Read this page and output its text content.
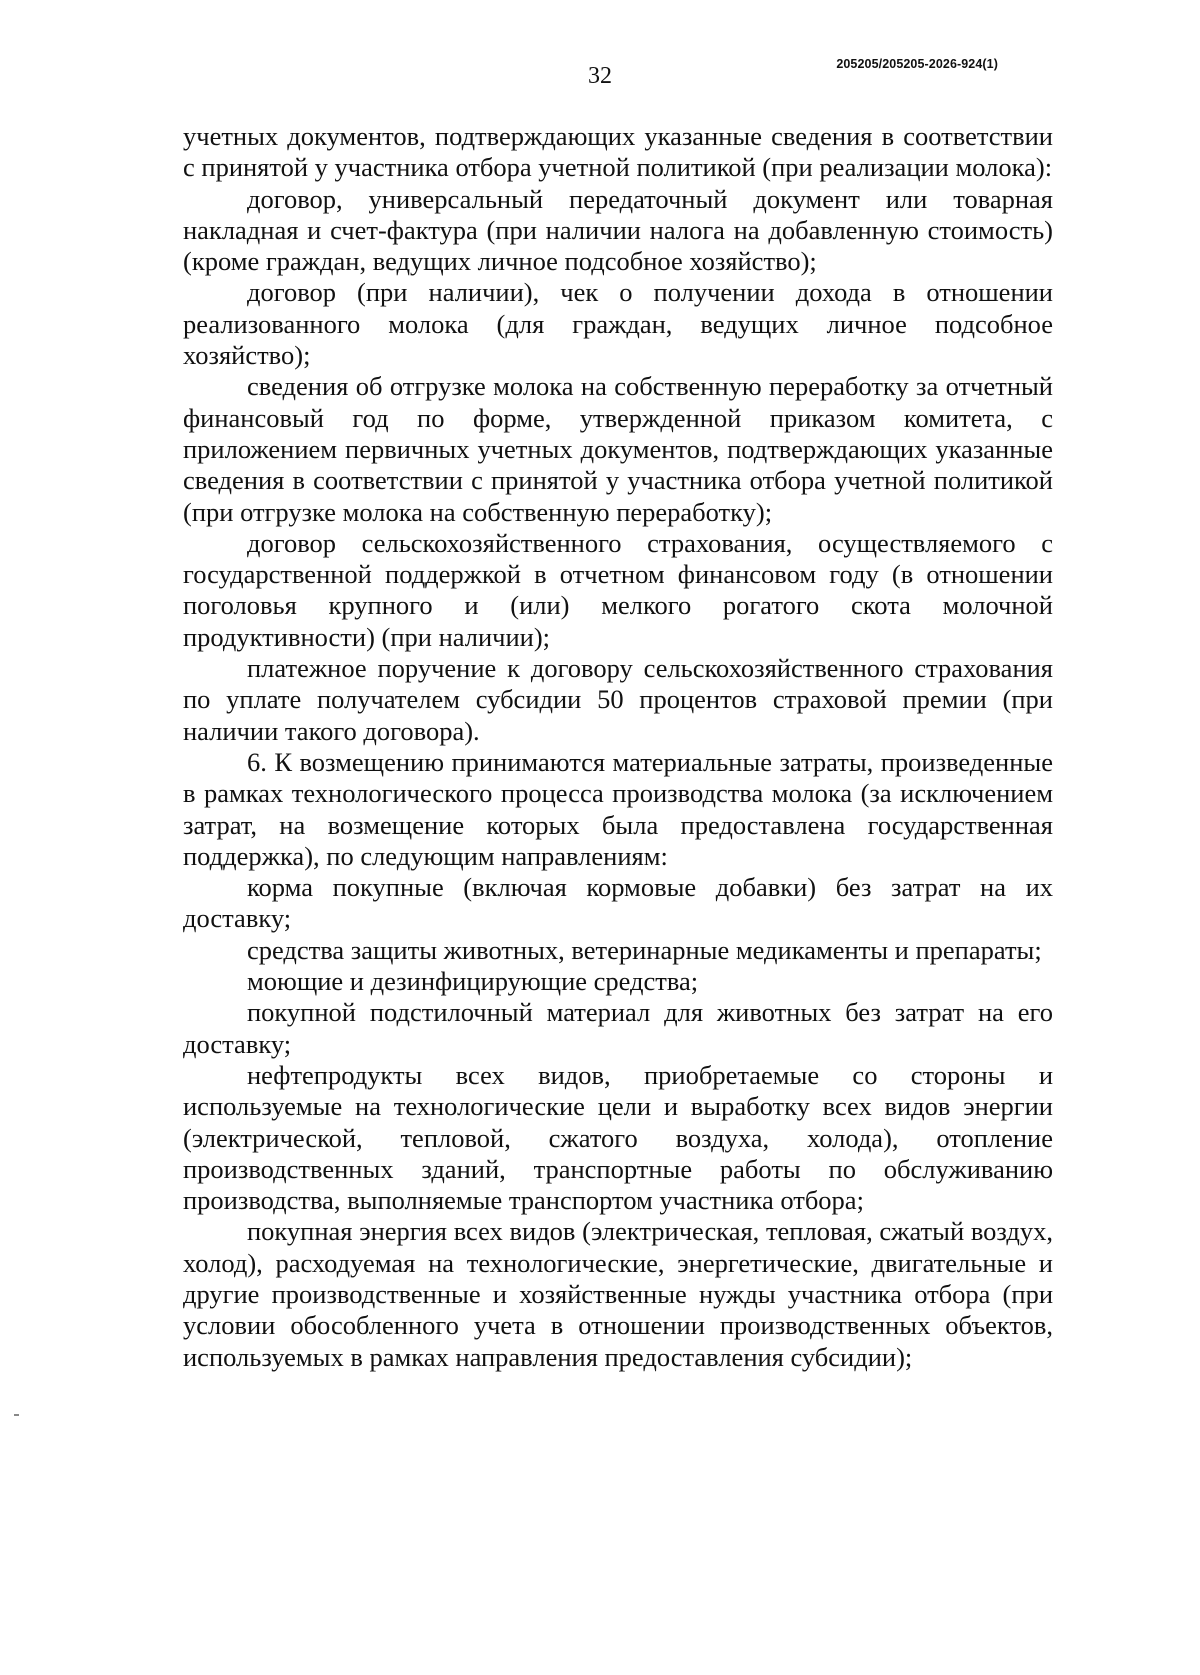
32	205205/205205-2026-924(1)

учетных документов, подтверждающих указанные сведения в соответствии с принятой у участника отбора учетной политикой (при реализации молока):

договор, универсальный передаточный документ или товарная накладная и счет-фактура (при наличии налога на добавленную стоимость) (кроме граждан, ведущих личное подсобное хозяйство);

договор (при наличии), чек о получении дохода в отношении реализованного молока (для граждан, ведущих личное подсобное хозяйство);

сведения об отгрузке молока на собственную переработку за отчетный финансовый год по форме, утвержденной приказом комитета, с приложением первичных учетных документов, подтверждающих указанные сведения в соответствии с принятой у участника отбора учетной политикой (при отгрузке молока на собственную переработку);

договор сельскохозяйственного страхования, осуществляемого с государственной поддержкой в отчетном финансовом году (в отношении поголовья крупного и (или) мелкого рогатого скота молочной продуктивности) (при наличии);

платежное поручение к договору сельскохозяйственного страхования по уплате получателем субсидии 50 процентов страховой премии (при наличии такого договора).

6. К возмещению принимаются материальные затраты, произведенные в рамках технологического процесса производства молока (за исключением затрат, на возмещение которых была предоставлена государственная поддержка), по следующим направлениям:

корма покупные (включая кормовые добавки) без затрат на их доставку;

средства защиты животных, ветеринарные медикаменты и препараты;

моющие и дезинфицирующие средства;

покупной подстилочный материал для животных без затрат на его доставку;

нефтепродукты всех видов, приобретаемые со стороны и используемые на технологические цели и выработку всех видов энергии (электрической, тепловой, сжатого воздуха, холода), отопление производственных зданий, транспортные работы по обслуживанию производства, выполняемые транспортом участника отбора;

покупная энергия всех видов (электрическая, тепловая, сжатый воздух, холод), расходуемая на технологические, энергетические, двигательные и другие производственные и хозяйственные нужды участника отбора (при условии обособленного учета в отношении производственных объектов, используемых в рамках направления предоставления субсидии);
